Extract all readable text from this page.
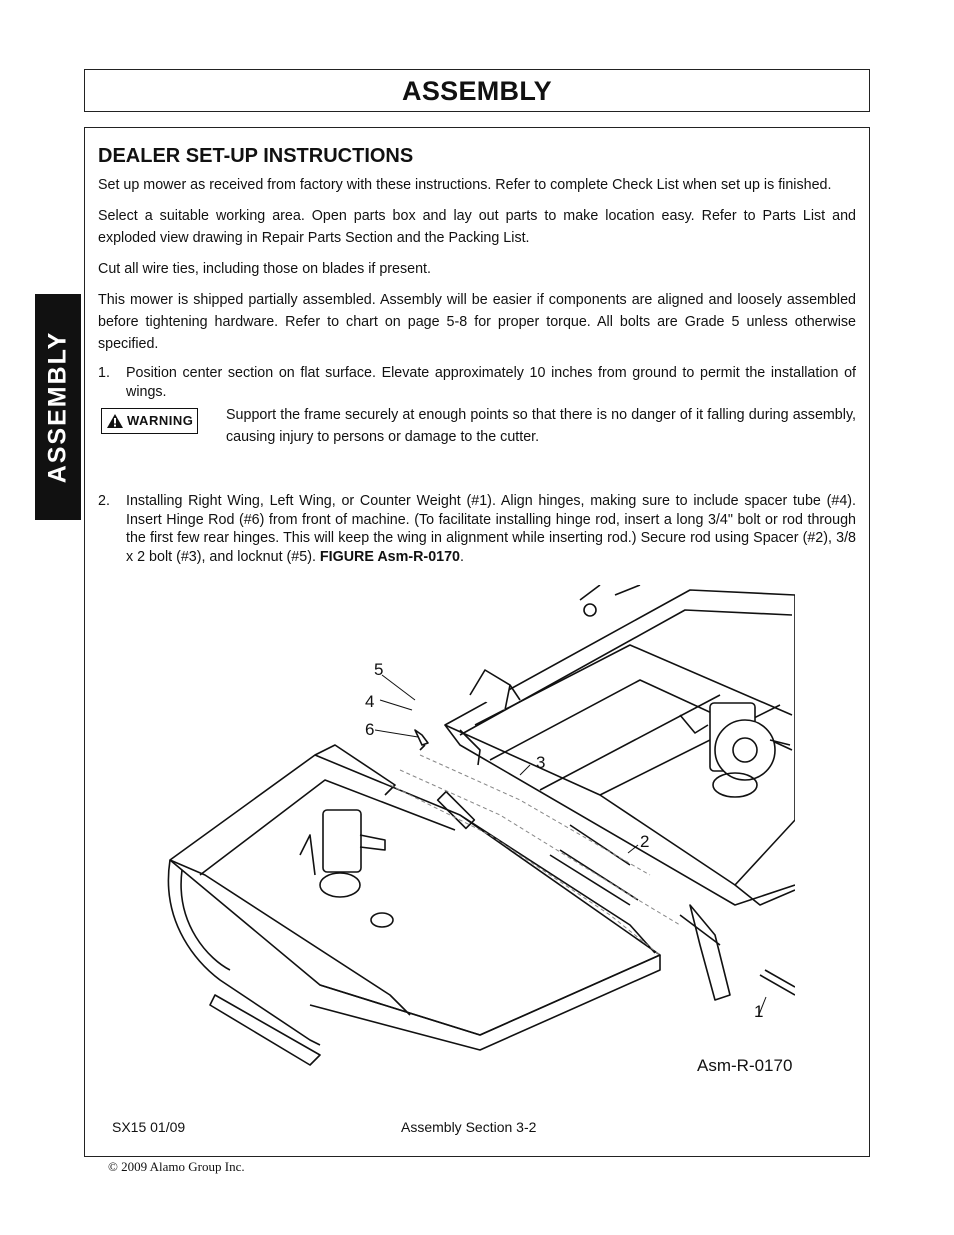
ASSEMBLY
ASSEMBLY
DEALER SET-UP INSTRUCTIONS

Set up mower as received from factory with these instructions. Refer to complete Check List when set up is finished.

Select a suitable working area. Open parts box and lay out parts to make location easy. Refer to Parts List and exploded view drawing in Repair Parts Section and the Packing List.

Cut all wire ties, including those on blades if present.

This mower is shipped partially assembled. Assembly will be easier if components are aligned and loosely assembled before tightening hardware. Refer to chart on page 5-8 for proper torque. All bolts are Grade 5 unless otherwise specified.

1. Position center section on flat surface. Elevate approximately 10 inches from ground to permit the installation of wings.
WARNING Support the frame securely at enough points so that there is no danger of it falling during assembly, causing injury to persons or damage to the cutter.
2. Installing Right Wing, Left Wing, or Counter Weight (#1). Align hinges, making sure to include spacer tube (#4). Insert Hinge Rod (#6) from front of machine. (To facilitate installing hinge rod, insert a long 3/4" bolt or rod through the first few rear hinges. This will keep the wing in alignment while inserting rod.) Secure rod using Spacer (#2), 3/8 x 2 bolt (#3), and locknut (#5). FIGURE Asm-R-0170.
5
4
6
3
2
1
Asm-R-0170
SX15 01/09	Assembly Section 3-2
© 2009 Alamo Group Inc.
